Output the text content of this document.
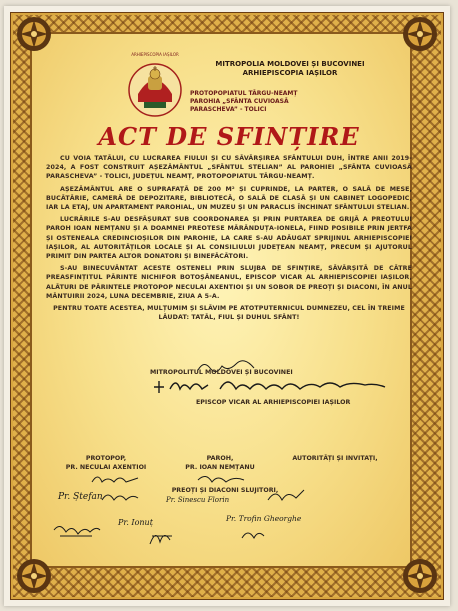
ARHIEPISCOPIA IAȘILOR
MITROPOLIA MOLDOVEI ȘI BUCOVINEI
ARHIEPISCOPIA IAȘILOR
PROTOPOPIATUL TÂRGU-NEAMȚ
PAROHIA „SFÂNTA CUVIOASĂ PARASCHEVA” - TOLICI
ACT DE SFINȚIRE

CU VOIA TATĂLUI, CU LUCRAREA FIULUI ȘI CU SĂVÂRȘIREA SFÂNTULUI DUH, ÎNTRE ANII 2019-2024, A FOST CONSTRUIT AȘEZĂMÂNTUL „SFÂNTUL STELIAN” AL PAROHIEI „SFÂNTA CUVIOASĂ PARASCHEVA” - TOLICI, JUDEȚUL NEAMȚ, PROTOPOPIATUL TÂRGU-NEAMȚ.

AȘEZĂMÂNTUL ARE O SUPRAFAȚĂ DE 200 M² ȘI CUPRINDE, LA PARTER, O SALĂ DE MESE, BUCĂTĂRIE, CAMERĂ DE DEPOZITARE, BIBLIOTECĂ, O SALĂ DE CLASĂ ȘI UN CABINET LOGOPEDIC, IAR LA ETAJ, UN APARTAMENT PAROHIAL, UN MUZEU ȘI UN PARACLIS ÎNCHINAT SFÂNTULUI STELIAN.

LUCRĂRILE S-AU DESFĂȘURAT SUB COORDONAREA ȘI PRIN PURTAREA DE GRIJĂ A PREOTULUI PAROH IOAN NEMȚANU ȘI A DOAMNEI PREOTESE MĂRĂNDUȚA-IONELA, FIIND POSIBILE PRIN JERTFA ȘI OSTENEALA CREDINCIOȘILOR DIN PAROHIE, LA CARE S-AU ADĂUGAT SPRIJINUL ARHIEPISCOPIEI IAȘILOR, AL AUTORITĂȚILOR LOCALE ȘI AL CONSILIULUI JUDEȚEAN NEAMȚ, PRECUM ȘI AJUTORUL PRIMIT DIN PARTEA ALTOR DONATORI ȘI BINEFĂCĂTORI.

S-AU BINECUVÂNTAT ACESTE OSTENELI PRIN SLUJBA DE SFINȚIRE, SĂVÂRȘITĂ DE CĂTRE PREASFINȚITUL PĂRINTE NICHIFOR BOTOȘĂNEANUL, EPISCOP VICAR AL ARHIEPISCOPIEI IAȘILOR, ALĂTURI DE PĂRINTELE PROTOPOP NECULAI AXENTIOI ȘI UN SOBOR DE PREOȚI ȘI DIACONI, ÎN ANUL MÂNTUIRII 2024, LUNA DECEMBRIE, ZIUA A 5-A.

PENTRU TOATE ACESTEA, MULȚUMIM ȘI SLĂVIM PE ATOTPUTERNICUL DUMNEZEU, CEL ÎN TREIME LĂUDAT: TATĂL, FIUL ȘI DUHUL SFÂNT!

MITROPOLITUL MOLDOVEI ȘI BUCOVINEI
EPISCOP VICAR AL ARHIEPISCOPIEI IAȘILOR
PROTOPOP,
PR. NECULAI AXENTIOI
PAROH,
PR. IOAN NEMȚANU
AUTORITĂȚI ȘI INVITAȚI,
PREOȚI ȘI DIACONI SLUJITORI,
Pr. Ștefan
Pr. Ionuț
Pr. Sinescu Florin
Pr. Trofin Gheorghe
